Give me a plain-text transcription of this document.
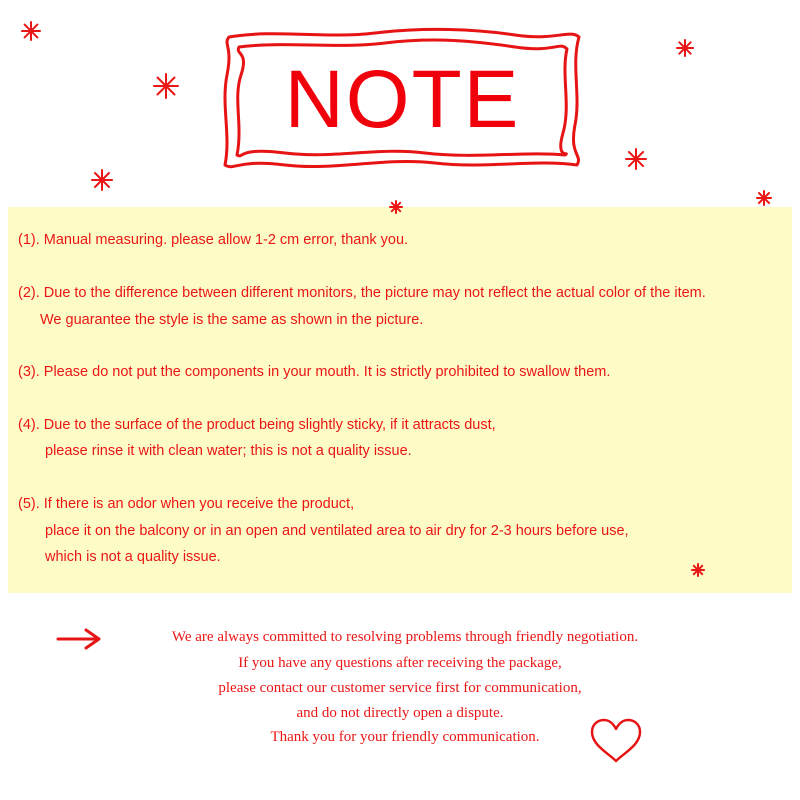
NOTE
(1). Manual measuring. please allow 1-2 cm error, thank you.
(2). Due to the difference between different monitors, the picture may not reflect the actual color of the item.
We guarantee the style is the same as shown in the picture.
(3). Please do not put the components in your mouth. It is strictly prohibited to swallow them.
(4). Due to the surface of the product being slightly sticky, if it attracts dust,
please rinse it with clean water; this is not a quality issue.
(5). If there is an odor when you receive the product,
place it on the balcony or in an open and ventilated area to air dry for 2-3 hours before use,
which is not a quality issue.
We are always committed to resolving problems through friendly negotiation.
If you have any questions after receiving the package,
please contact our customer service first for communication,
and do not directly open a dispute.
Thank you for your friendly communication.
